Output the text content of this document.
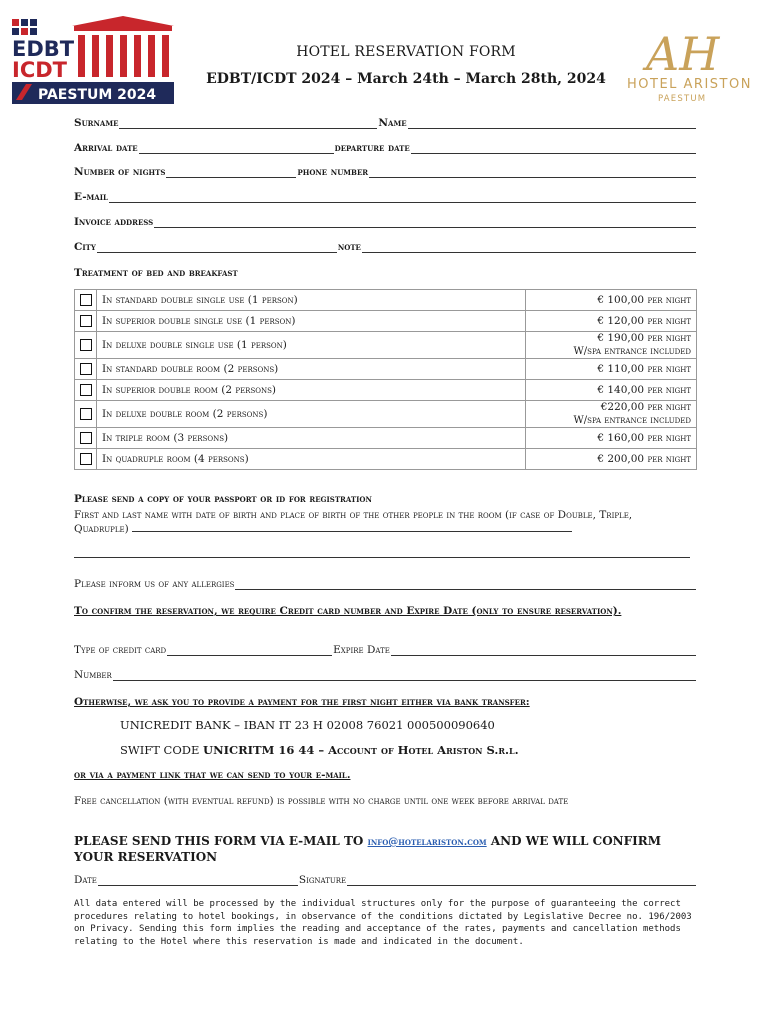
EDBT
ICDT
PAESTUM 2024
HOTEL RESERVATION FORM
EDBT/ICDT 2024 – March 24th – March 28th, 2024 AH
HOTEL ARISTON
PAESTUM
Surname	Name
Arrival date	departure date
Number of nights	phone number
E-mail
Invoice address
City	note
Treatment of bed and breakfast
	In standard double single use (1 person)	€ 100,00 per night
	In superior double single use (1 person)	€ 120,00 per night
	In deluxe double single use (1 person)	€ 190,00 per night
W/spa entrance included
	In standard double room (2 persons)	€ 110,00 per night
	In superior double room (2 persons)	€ 140,00 per night
	In deluxe double room (2 persons)	€220,00 per night
W/spa entrance included
	In triple room (3 persons)	€ 160,00 per night
	In quadruple room (4 persons)	€ 200,00 per night
Please send a copy of your passport or id for registration
First and last name with date of birth and place of birth of the other people in the room (if case of Double, Triple, Quadruple)
Please inform us of any allergies
To confirm the reservation, we require Credit card number and Expire Date (only to ensure reservation).
Type of credit card	Expire Date
Number
Otherwise, we ask you to provide a payment for the first night either via bank transfer:
UNICREDIT BANK – IBAN IT 23 H 02008 76021 000500090640
SWIFT CODE UNICRITM 16 44 – Account of Hotel Ariston S.r.l.
or via a payment link that we can send to your e-mail.
Free cancellation (with eventual refund) is possible with no charge until one week before arrival date
PLEASE SEND THIS FORM VIA E-MAIL TO info@hotelariston.com AND WE WILL CONFIRM YOUR RESERVATION
Date	Signature
All data entered will be processed by the individual structures only for the purpose of guaranteeing the correct procedures relating to hotel bookings, in observance of the conditions dictated by Legislative Decree no. 196/2003 on Privacy. Sending this form implies the reading and acceptance of the rates, payments and cancellation methods relating to the Hotel where this reservation is made and indicated in the document.
